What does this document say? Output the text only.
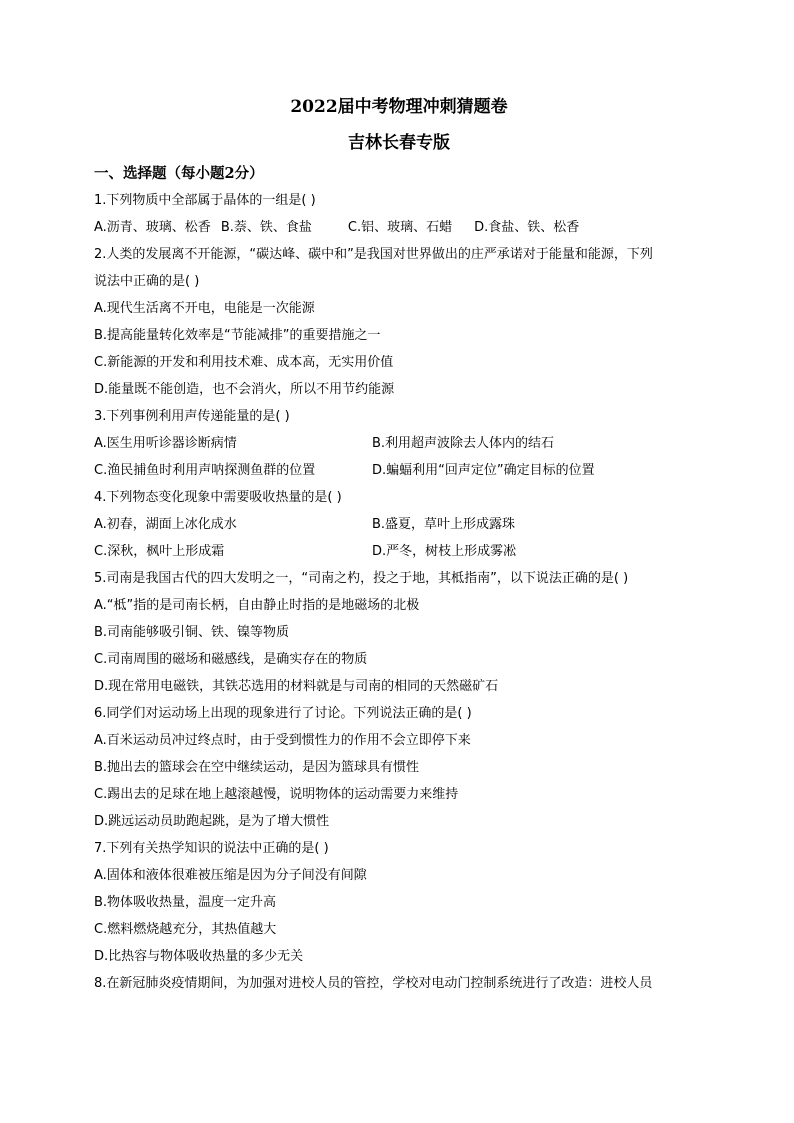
2022届中考物理冲刺猜题卷

吉林长春专版

一、选择题（每小题2分）

1.下列物质中全部属于晶体的一组是( )

A.沥青、玻璃、松香 B.萘、铁、食盐	C.铝、玻璃、石蜡 D.食盐、铁、松香

2.人类的发展离不开能源，“碳达峰、碳中和”是我国对世界做出的庄严承诺对于能量和能源，下列

说法中正确的是( )

A.现代生活离不开电，电能是一次能源

B.提高能量转化效率是“节能减排”的重要措施之一

C.新能源的开发和利用技术难、成本高，无实用价值

D.能量既不能创造，也不会消火，所以不用节约能源

3.下列事例利用声传递能量的是( )

A.医生用听诊器诊断病情	B.利用超声波除去人体内的结石
C.渔民捕鱼时利用声呐探测鱼群的位置	D.蝙蝠利用“回声定位”确定目标的位置

4.下列物态变化现象中需要吸收热量的是( )

A.初春，湖面上冰化成水	B.盛夏，草叶上形成露珠
C.深秋，枫叶上形成霜	D.严冬，树枝上形成雾凇

5.司南是我国古代的四大发明之一，“司南之杓，投之于地，其柢指南”，以下说法正确的是( )

A.“柢”指的是司南长柄，自由静止时指的是地磁场的北极

B.司南能够吸引铜、铁、镍等物质

C.司南周围的磁场和磁感线，是确实存在的物质

D.现在常用电磁铁，其铁芯选用的材料就是与司南的相同的天然磁矿石

6.同学们对运动场上出现的现象进行了讨论。下列说法正确的是( )

A.百米运动员冲过终点时，由于受到惯性力的作用不会立即停下来

B.抛出去的篮球会在空中继续运动，是因为篮球具有惯性

C.踢出去的足球在地上越滚越慢，说明物体的运动需要力来维持

D.跳远运动员助跑起跳，是为了增大惯性

7.下列有关热学知识的说法中正确的是( )

A.固体和液体很难被压缩是因为分子间没有间隙

B.物体吸收热量，温度一定升高

C.燃料燃烧越充分，其热值越大

D.比热容与物体吸收热量的多少无关

8.在新冠肺炎疫情期间，为加强对进校人员的管控，学校对电动门控制系统进行了改造：进校人员
